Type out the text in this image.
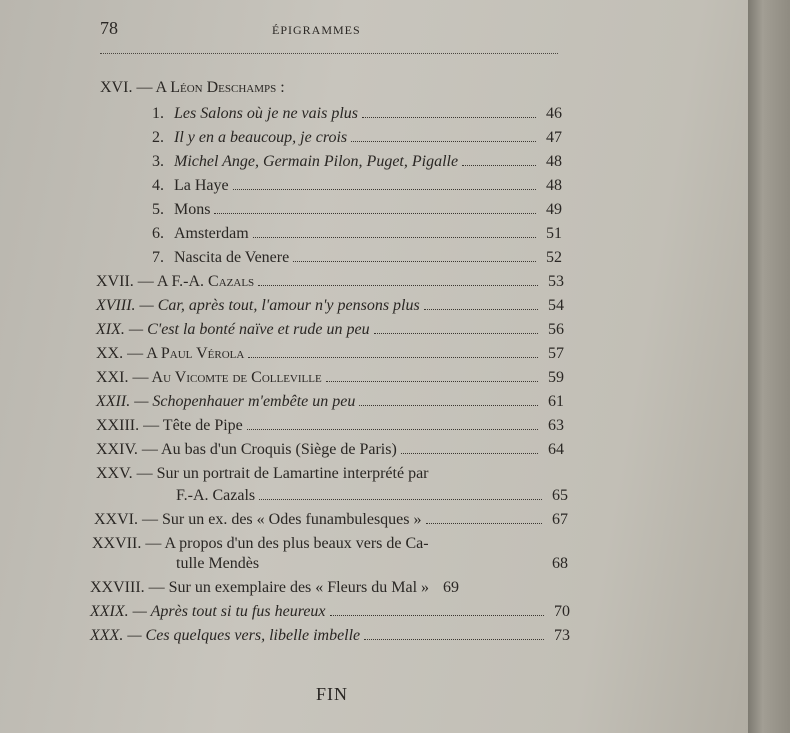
78	ÉPIGRAMMES
XVI. — A Léon Deschamps :
1. Les Salons où je ne vais plus	46
2. Il y en a beaucoup, je crois	47
3. Michel Ange, Germain Pilon, Puget, Pigalle	48
4. La Haye	48
5. Mons	49
6. Amsterdam	51
7. Nascita de Venere	52
XVII. — A F.-A. Cazals	53
XVIII. — Car, après tout, l'amour n'y pensons plus	54
XIX. — C'est la bonté naïve et rude un peu	56
XX. — A Paul Vérola	57
XXI. — Au Vicomte de Colleville	59
XXII. — Schopenhauer m'embête un peu	61
XXIII. — Tête de Pipe	63
XXIV. — Au bas d'un Croquis (Siège de Paris)	64
XXV. — Sur un portrait de Lamartine interprété par
F.-A. Cazals	65
XXVI. — Sur un ex. des « Odes funambulesques »	67
XXVII. — A propos d'un des plus beaux vers de Ca-
tulle Mendès	68
XXVIII. — Sur un exemplaire des « Fleurs du Mal » 69
XXIX. — Après tout si tu fus heureux	70
XXX. — Ces quelques vers, libelle imbelle	73
FIN
